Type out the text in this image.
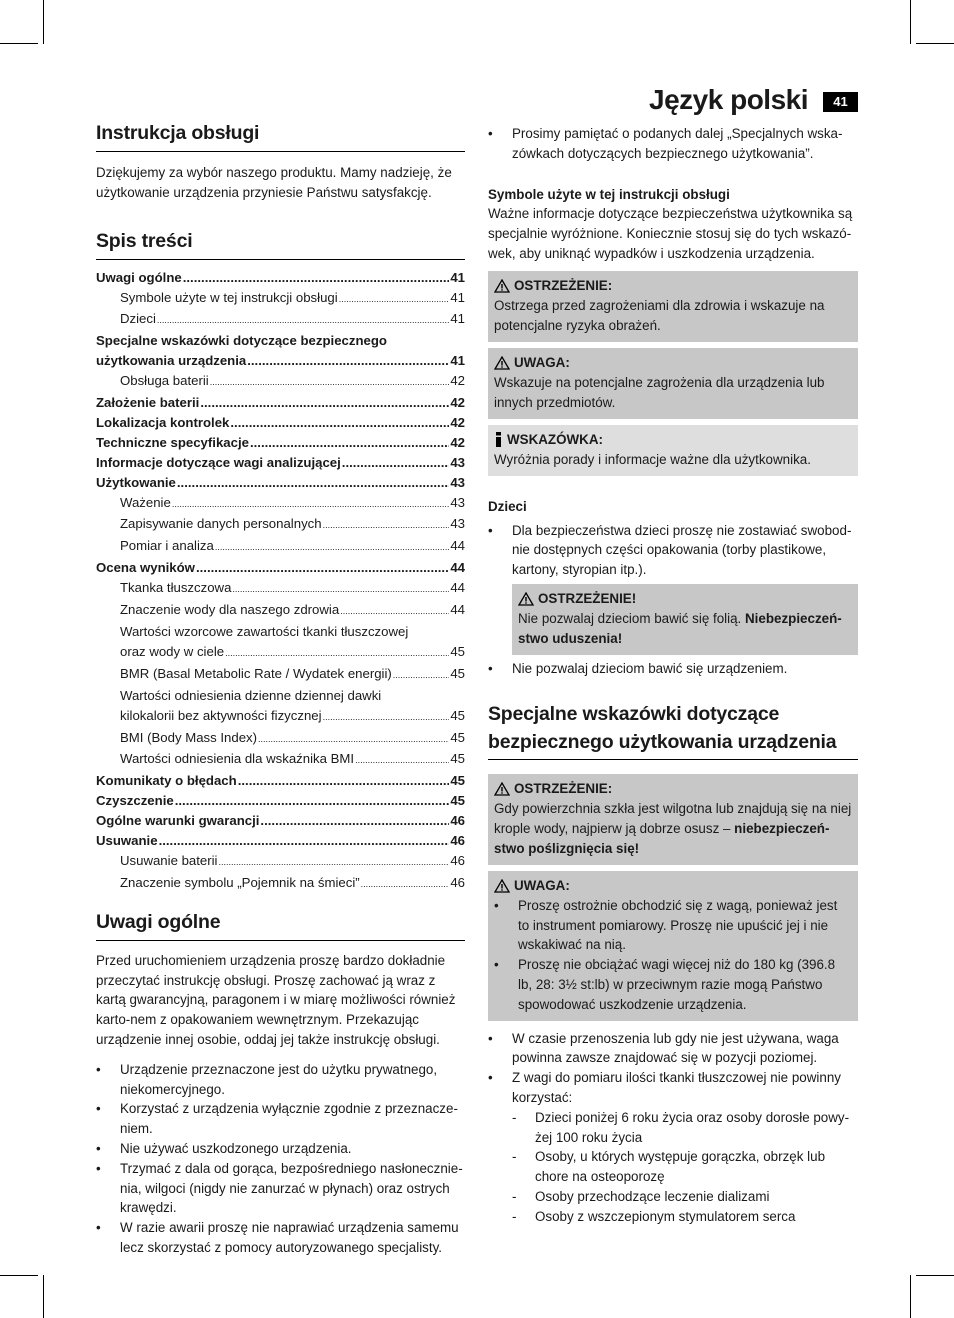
Język polski	41
Instrukcja obsługi

Dziękujemy za wybór naszego produktu. Mamy nadzieję, że użytkowanie urządzenia przyniesie Państwu satysfakcję.

Spis treści
Uwagi ogólne .....	41
Symbole użyte w tej instrukcji obsługi .....	41
Dzieci .....	41
Specjalne wskazówki dotyczące bezpiecznego
użytkowania urządzenia .....	41
Obsługa baterii .....	42
Założenie baterii .....	42
Lokalizacja kontrolek .....	42
Techniczne specyfikacje .....	42
Informacje dotyczące wagi analizującej .....	43
Użytkowanie .....	43
Ważenie .....	43
Zapisywanie danych personalnych .....	43
Pomiar i analiza .....	44
Ocena wyników .....	44
Tkanka tłuszczowa .....	44
Znaczenie wody dla naszego zdrowia .....	44
Wartości wzorcowe zawartości tkanki tłuszczowej
oraz wody w ciele .....	45
BMR (Basal Metabolic Rate / Wydatek energii) .....	45
Wartości odniesienia dzienne dziennej dawki
kilokalorii bez aktywności fizycznej .....	45
BMI (Body Mass Index) .....	45
Wartości odniesienia dla wskaźnika BMI .....	45
Komunikaty o błędach .....	45
Czyszczenie .....	45
Ogólne warunki gwarancji .....	46
Usuwanie .....	46
Usuwanie baterii .....	46
Znaczenie symbolu „Pojemnik na śmieci” .....	46
Uwagi ogólne

Przed uruchomieniem urządzenia proszę bardzo dokładnie przeczytać instrukcję obsługi. Proszę zachować ją wraz z kartą gwarancyjną, paragonem i w miarę możliwości również karto-nem z opakowaniem wewnętrznym. Przekazując urządzenie innej osobie, oddaj jej także instrukcję obsługi.

• Urządzenie przeznaczone jest do użytku prywatnego, niekomercyjnego.
• Korzystać z urządzenia wyłącznie zgodnie z przeznaczeniem.
• Nie używać uszkodzonego urządzenia.
• Trzymać z dala od gorąca, bezpośredniego nasłonecznienia, wilgoci (nigdy nie zanurzać w płynach) oraz ostrych krawędzi.
• W razie awarii proszę nie naprawiać urządzenia samemu lecz skorzystać z pomocy autoryzowanego specjalisty.
• Prosimy pamiętać o podanych dalej „Specjalnych wskazówkach dotyczących bezpiecznego użytkowania”.
Symbole użyte w tej instrukcji obsługi

Ważne informacje dotyczące bezpieczeństwa użytkownika są specjalnie wyróżnione. Koniecznie stosuj się do tych wskazówek, aby uniknąć wypadków i uszkodzenia urządzenia.

OSTRZEŻENIE:
Ostrzega przed zagrożeniami dla zdrowia i wskazuje na potencjalne ryzyka obrażeń.
UWAGA:
Wskazuje na potencjalne zagrożenia dla urządzenia lub innych przedmiotów.
WSKAZÓWKA:
Wyróżnia porady i informacje ważne dla użytkownika.
Dzieci
• Dla bezpieczeństwa dzieci proszę nie zostawiać swobodnie dostępnych części opakowania (torby plastikowe, kartony, styropian itp.).
OSTRZEŻENIE!
Nie pozwalaj dzieciom bawić się folią. Niebezpieczeństwo uduszenia!
• Nie pozwalaj dzieciom bawić się urządzeniem.
Specjalne wskazówki dotyczące bezpiecznego użytkowania urządzenia
OSTRZEŻENIE:
Gdy powierzchnia szkła jest wilgotna lub znajdują się na niej krople wody, najpierw ją dobrze osusz – niebezpieczeństwo poślizgnięcia się!
UWAGA:
• Proszę ostrożnie obchodzić się z wagą, ponieważ jest to instrument pomiarowy. Proszę nie upuścić jej i nie wskakiwać na nią.
• Proszę nie obciążać wagi więcej niż do 180 kg (396.8 lb, 28: 3½ st:lb) w przeciwnym razie mogą Państwo spowodować uszkodzenie urządzenia.
• W czasie przenoszenia lub gdy nie jest używana, waga powinna zawsze znajdować się w pozycji poziomej.
• Z wagi do pomiaru ilości tkanki tłuszczowej nie powinny korzystać:
- Dzieci poniżej 6 roku życia oraz osoby dorosłe powyżej 100 roku życia
- Osoby, u których występuje gorączka, obrzęk lub chore na osteoporozę
- Osoby przechodzące leczenie dializami
- Osoby z wszczepionym stymulatorem serca
